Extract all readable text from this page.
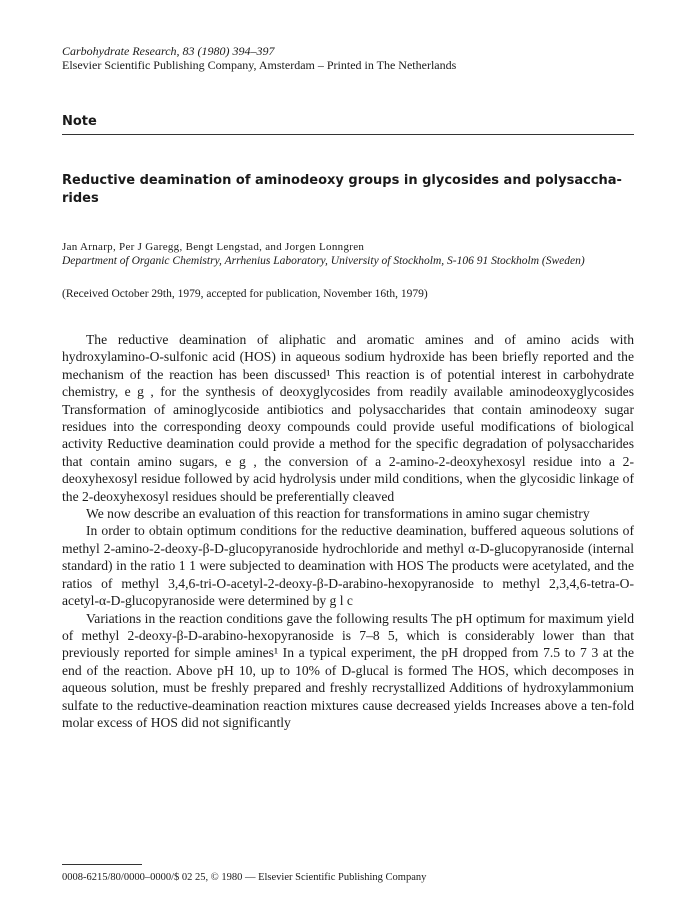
Carbohydrate Research, 83 (1980) 394–397
Elsevier Scientific Publishing Company, Amsterdam – Printed in The Netherlands
Note
Reductive deamination of aminodeoxy groups in glycosides and polysaccha-rides
Jan Arnarp, Per J Garegg, Bengt Lengstad, and Jorgen Lonngren
Department of Organic Chemistry, Arrhenius Laboratory, University of Stockholm, S-106 91 Stockholm (Sweden)
(Received October 29th, 1979, accepted for publication, November 16th, 1979)

The reductive deamination of aliphatic and aromatic amines and of amino acids with hydroxylamino-O-sulfonic acid (HOS) in aqueous sodium hydroxide has been briefly reported and the mechanism of the reaction has been discussed¹ This reaction is of potential interest in carbohydrate chemistry, e g , for the synthesis of deoxyglycosides from readily available aminodeoxyglycosides Transformation of aminoglycoside antibiotics and polysaccharides that contain aminodeoxy sugar residues into the corresponding deoxy compounds could provide useful modifications of biological activity Reductive deamination could provide a method for the specific degradation of polysaccharides that contain amino sugars, e g , the conversion of a 2-amino-2-deoxyhexosyl residue into a 2-deoxyhexosyl residue followed by acid hydrolysis under mild conditions, when the glycosidic linkage of the 2-deoxyhexosyl residues should be preferentially cleaved

We now describe an evaluation of this reaction for transformations in amino sugar chemistry

In order to obtain optimum conditions for the reductive deamination, buffered aqueous solutions of methyl 2-amino-2-deoxy-β-D-glucopyranoside hydrochloride and methyl α-D-glucopyranoside (internal standard) in the ratio 1 1 were subjected to deamination with HOS The products were acetylated, and the ratios of methyl 3,4,6-tri-O-acetyl-2-deoxy-β-D-arabino-hexopyranoside to methyl 2,3,4,6-tetra-O-acetyl-α-D-glucopyranoside were determined by g l c

Variations in the reaction conditions gave the following results The pH optimum for maximum yield of methyl 2-deoxy-β-D-arabino-hexopyranoside is 7–8 5, which is considerably lower than that previously reported for simple amines¹ In a typical experiment, the pH dropped from 7.5 to 7 3 at the end of the reaction. Above pH 10, up to 10% of D-glucal is formed The HOS, which decomposes in aqueous solution, must be freshly prepared and freshly recrystallized Additions of hydroxylammonium sulfate to the reductive-deamination reaction mixtures cause decreased yields Increases above a ten-fold molar excess of HOS did not significantly

0008-6215/80/0000–0000/$ 02 25, © 1980 — Elsevier Scientific Publishing Company
